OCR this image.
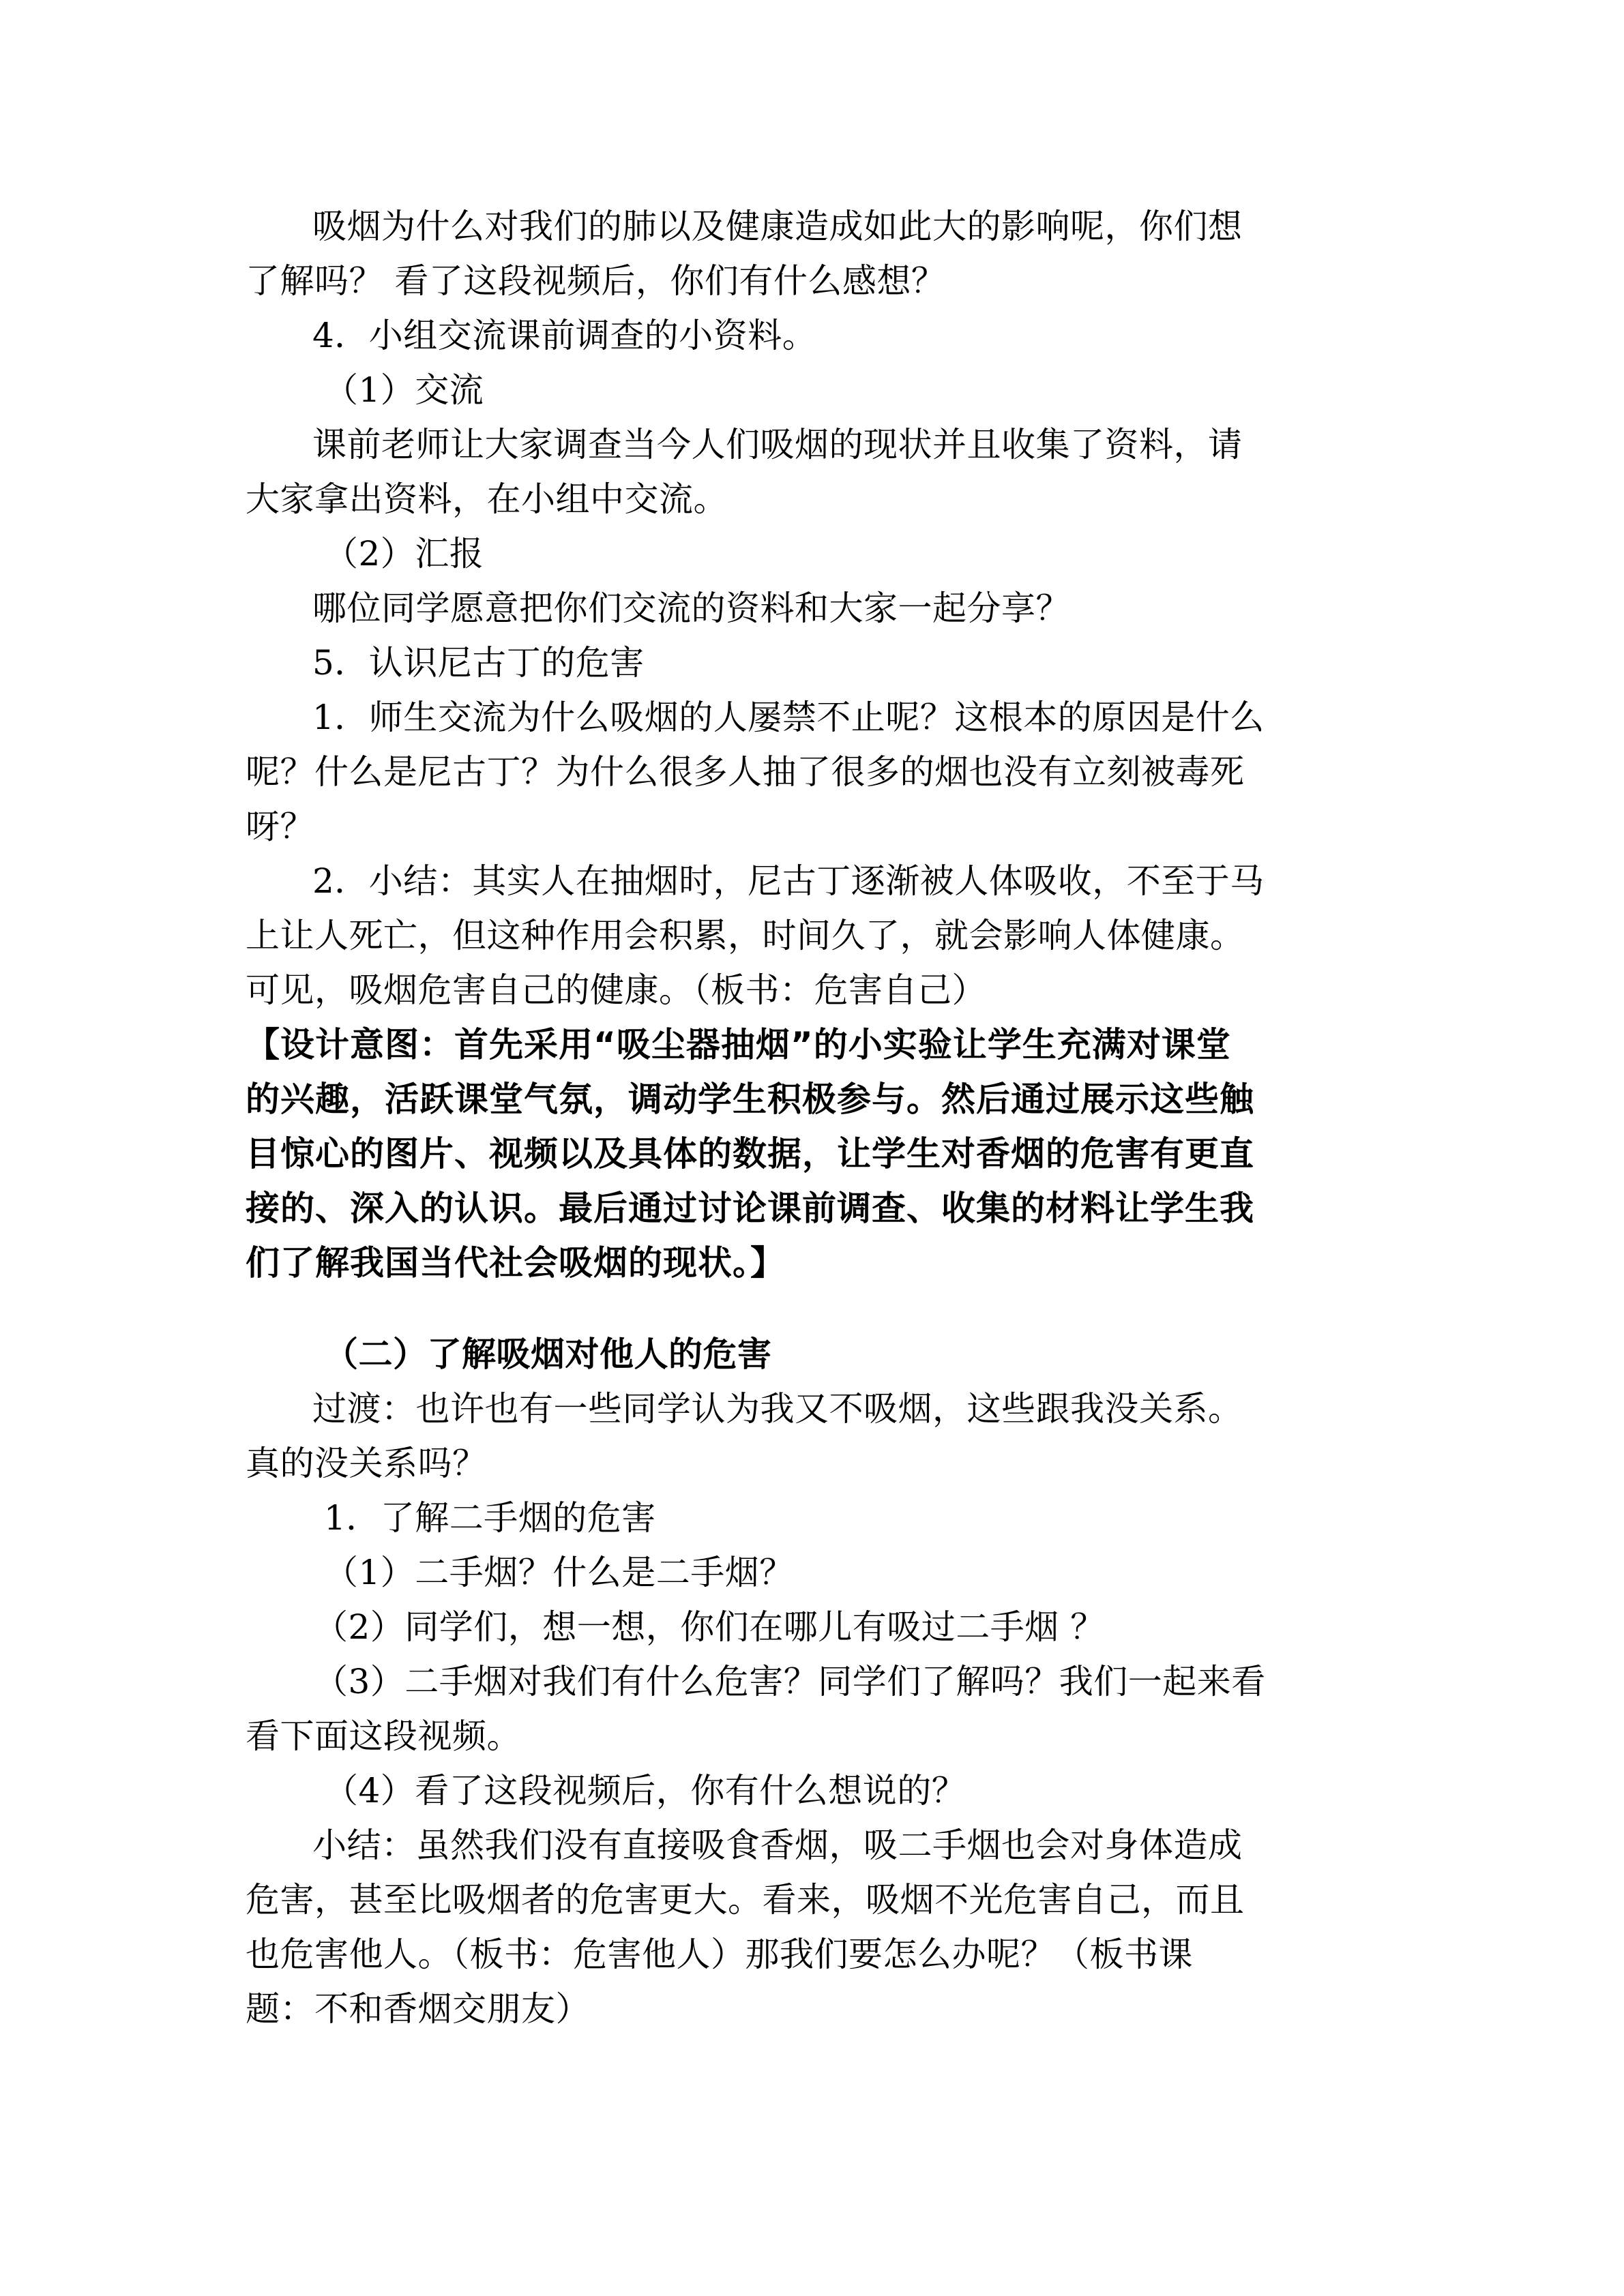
吸烟为什么对我们的肺以及健康造成如此大的影响呢，你们想
了解吗？ 看了这段视频后，你们有什么感想？
4．小组交流课前调查的小资料。
（1）交流
课前老师让大家调查当今人们吸烟的现状并且收集了资料，请
大家拿出资料，在小组中交流。
（2）汇报
哪位同学愿意把你们交流的资料和大家一起分享？
5．认识尼古丁的危害
1．师生交流为什么吸烟的人屡禁不止呢？这根本的原因是什么
呢？什么是尼古丁？为什么很多人抽了很多的烟也没有立刻被毒死
呀？
2．小结：其实人在抽烟时，尼古丁逐渐被人体吸收，不至于马
上让人死亡，但这种作用会积累，时间久了，就会影响人体健康。
可见，吸烟危害自己的健康。（板书：危害自己）
【设计意图：首先采用“吸尘器抽烟”的小实验让学生充满对课堂
的兴趣，活跃课堂气氛，调动学生积极参与。然后通过展示这些触
目惊心的图片、视频以及具体的数据，让学生对香烟的危害有更直
接的、深入的认识。最后通过讨论课前调查、收集的材料让学生我
们了解我国当代社会吸烟的现状。】
（二）了解吸烟对他人的危害
过渡：也许也有一些同学认为我又不吸烟，这些跟我没关系。
真的没关系吗？
1．了解二手烟的危害
（1）二手烟？什么是二手烟？
（2）同学们，想一想，你们在哪儿有吸过二手烟 ？
（3）二手烟对我们有什么危害？同学们了解吗？我们一起来看
看下面这段视频。
（4）看了这段视频后，你有什么想说的？
小结：虽然我们没有直接吸食香烟，吸二手烟也会对身体造成
危害，甚至比吸烟者的危害更大。看来，吸烟不光危害自己，而且
也危害他人。（板书：危害他人）那我们要怎么办呢？（板书课
题：不和香烟交朋友）
